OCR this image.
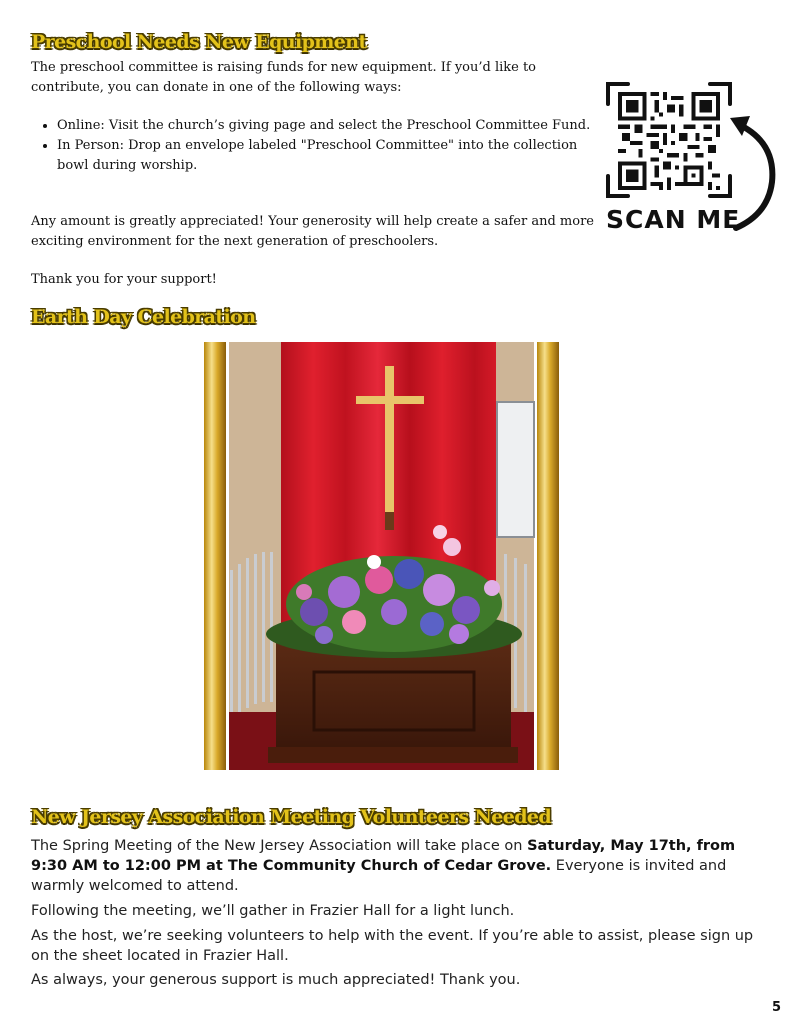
Preschool Needs New Equipment

The preschool committee is raising funds for new equipment. If you’d like to contribute, you can donate in one of the following ways:

• Online: Visit the church’s giving page and select the Preschool Committee Fund.
• In Person: Drop an envelope labeled "Preschool Committee" into the collection bowl during worship.

Any amount is greatly appreciated! Your generosity will help create a safer and more exciting environment for the next generation of preschoolers.

Thank you for your support!

SCAN ME
Earth Day Celebration
New Jersey Association Meeting Volunteers Needed

The Spring Meeting of the New Jersey Association will take place on Saturday, May 17th, from 9:30 AM to 12:00 PM at The Community Church of Cedar Grove. Everyone is invited and warmly welcomed to attend.

Following the meeting, we’ll gather in Frazier Hall for a light lunch.

As the host, we’re seeking volunteers to help with the event. If you’re able to assist, please sign up on the sheet located in Frazier Hall.

As always, your generous support is much appreciated! Thank you.

5
